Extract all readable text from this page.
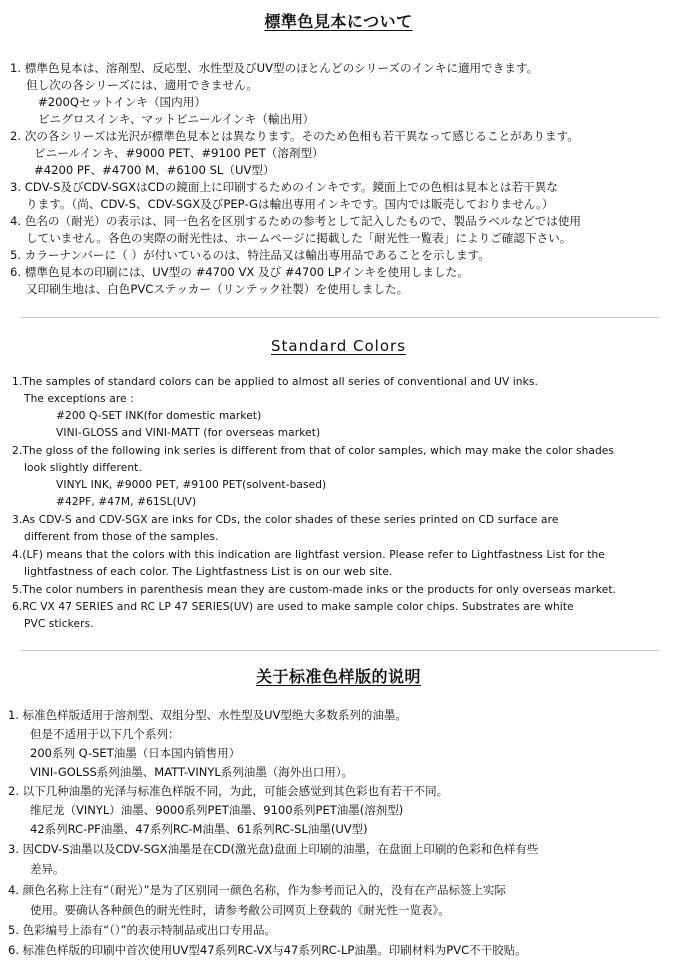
標準色見本について
1. 標準色見本は、溶剤型、反応型、水性型及びUV型のほとんどのシリーズのインキに適用できます。
但し次の各シリーズには、適用できません。
#200Qセットインキ（国内用）
ビニグロスインキ、マットビニールインキ（輸出用）
2. 次の各シリーズは光沢が標準色見本とは異なります。そのため色相も若干異なって感じることがあります。
ビニールインキ、#9000 PET、#9100 PET（溶剤型）
#4200 PF、#4700 M、#6100 SL（UV型）
3. CDV-S及びCDV-SGXはCDの鏡面上に印刷するためのインキです。鏡面上での色相は見本とは若干異な
ります。（尚、CDV-S、CDV-SGX及びPEP-Gは輸出専用インキです。国内では販売しておりません。）
4. 色名の（耐光）の表示は、同一色名を区別するための参考として記入したもので、製品ラベルなどでは使用
していません。各色の実際の耐光性は、ホームページに掲載した「耐光性一覧表」によりご確認下さい。
5. カラーナンバーに（ ）が付いているのは、特注品又は輸出専用品であることを示します。
6. 標準色見本の印刷には、UV型の #4700 VX 及び #4700 LPインキを使用しました。
又印刷生地は、白色PVCステッカー（リンテック社製）を使用しました。
Standard Colors
1.The samples of standard colors can be applied to almost all series of conventional and UV inks.
The exceptions are :
#200 Q-SET INK(for domestic market)
VINI-GLOSS and VINI-MATT (for overseas market)
2.The gloss of the following ink series is different from that of color samples, which may make the color shades
look slightly different.
VINYL INK, #9000 PET, #9100 PET(solvent-based)
#42PF, #47M, #61SL(UV)
3.As CDV-S and CDV-SGX are inks for CDs, the color shades of these series printed on CD surface are
different from those of the samples.
4.(LF) means that the colors with this indication are lightfast version. Please refer to Lightfastness List for the
lightfastness of each color. The Lightfastness List is on our web site.
5.The color numbers in parenthesis mean they are custom-made inks or the products for only overseas market.
6.RC VX 47 SERIES and RC LP 47 SERIES(UV) are used to make sample color chips. Substrates are white
PVC stickers.
关于标准色样版的说明
1. 标准色样版适用于溶剂型、双组分型、水性型及UV型绝大多数系列的油墨。
但是不适用于以下几个系列：
200系列 Q-SET油墨（日本国内销售用）
VINI-GOLSS系列油墨、MATT-VINYL系列油墨（海外出口用）。
2. 以下几种油墨的光泽与标准色样版不同，为此，可能会感觉到其色彩也有若干不同。
维尼龙（VINYL）油墨、9000系列PET油墨、9100系列PET油墨(溶剂型)
42系列RC-PF油墨、47系列RC-M油墨、61系列RC-SL油墨(UV型)
3. 因CDV-S油墨以及CDV-SGX油墨是在CD(激光盘)盘面上印刷的油墨，在盘面上印刷的色彩和色样有些
差异。
4. 颜色名称上注有“（耐光）”是为了区别同一颜色名称，作为参考而记入的，没有在产品标签上实际
使用。要确认各种颜色的耐光性时，请参考敝公司网页上登载的《耐光性一览表》。
5. 色彩编号上添有“（）”的表示特制品或出口专用品。
6. 标准色样版的印刷中首次使用UV型47系列RC-VX与47系列RC-LP油墨。印刷材料为PVC不干胶贴。
